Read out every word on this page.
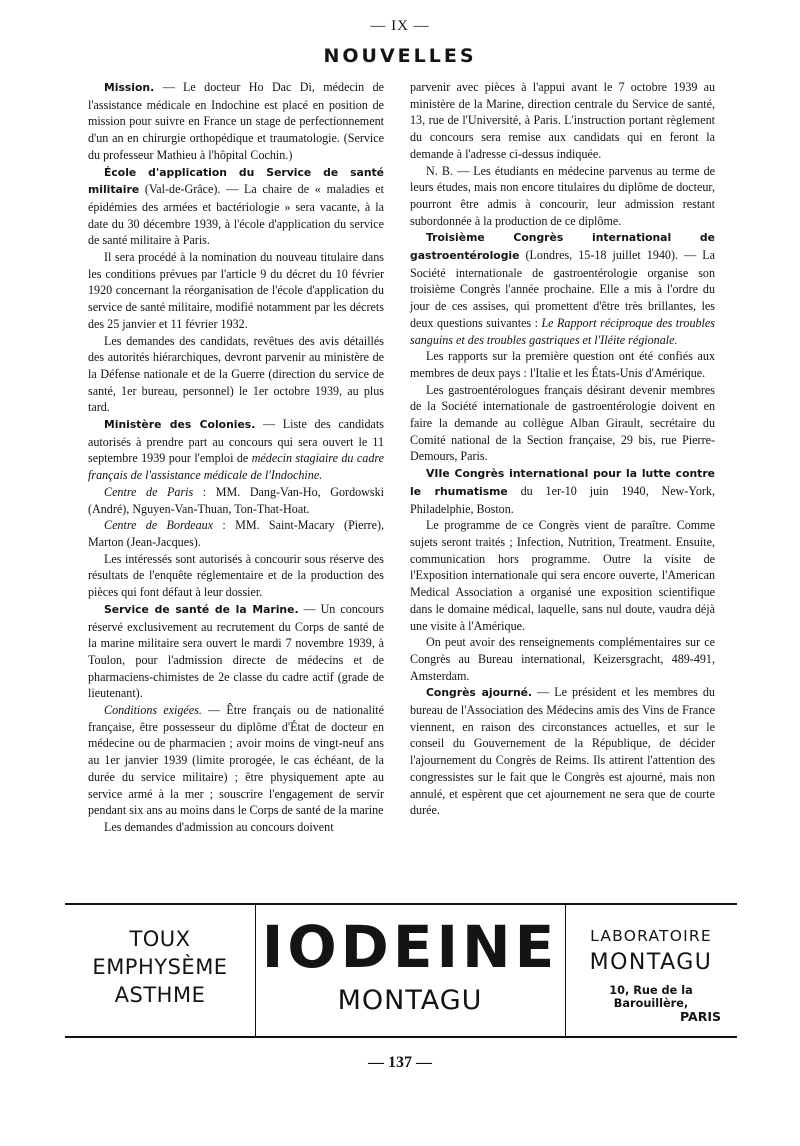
— IX —
NOUVELLES

Mission. — Le docteur Ho Dac Di, médecin de l'assistance médicale en Indochine est placé en position de mission pour suivre en France un stage de perfectionnement d'un an en chirurgie orthopédique et traumatologie. (Service du professeur Mathieu à l'hôpital Cochin.)

École d'application du Service de santé militaire (Val-de-Grâce). — La chaire de « maladies et épidémies des armées et bactériologie » sera vacante, à la date du 30 décembre 1939, à l'école d'application du service de santé militaire à Paris.

Il sera procédé à la nomination du nouveau titulaire dans les conditions prévues par l'article 9 du décret du 10 février 1920 concernant la réorganisation de l'école d'application du service de santé militaire, modifié notamment par les décrets des 25 janvier et 11 février 1932.

Les demandes des candidats, revêtues des avis détaillés des autorités hiérarchiques, devront parvenir au ministère de la Défense nationale et de la Guerre (direction du service de santé, 1er bureau, personnel) le 1er octobre 1939, au plus tard.

Ministère des Colonies. — Liste des candidats autorisés à prendre part au concours qui sera ouvert le 11 septembre 1939 pour l'emploi de médecin stagiaire du cadre français de l'assistance médicale de l'Indochine.

Centre de Paris : MM. Dang-Van-Ho, Gordowski (André), Nguyen-Van-Thuan, Ton-That-Hoat.

Centre de Bordeaux : MM. Saint-Macary (Pierre), Marton (Jean-Jacques).

Les intéressés sont autorisés à concourir sous réserve des résultats de l'enquête réglementaire et de la production des pièces qui font défaut à leur dossier.

Service de santé de la Marine. — Un concours réservé exclusivement au recrutement du Corps de santé de la marine militaire sera ouvert le mardi 7 novembre 1939, à Toulon, pour l'admission directe de médecins et de pharmaciens-chimistes de 2e classe du cadre actif (grade de lieutenant).

Conditions exigées. — Être français ou de nationalité française, être possesseur du diplôme d'État de docteur en médecine ou de pharmacien ; avoir moins de vingt-neuf ans au 1er janvier 1939 (limite prorogée, le cas échéant, de la durée du service militaire) ; être physiquement apte au service armé à la mer ; souscrire l'engagement de servir pendant six ans au moins dans le Corps de santé de la marine

Les demandes d'admission au concours doivent

parvenir avec pièces à l'appui avant le 7 octobre 1939 au ministère de la Marine, direction centrale du Service de santé, 13, rue de l'Université, à Paris. L'instruction portant règlement du concours sera remise aux candidats qui en feront la demande à l'adresse ci-dessus indiquée.

N. B. — Les étudiants en médecine parvenus au terme de leurs études, mais non encore titulaires du diplôme de docteur, pourront être admis à concourir, leur admission restant subordonnée à la production de ce diplôme.

Troisième Congrès international de gastroentérologie (Londres, 15-18 juillet 1940). — La Société internationale de gastroentérologie organise son troisième Congrès l'année prochaine. Elle a mis à l'ordre du jour de ces assises, qui promettent d'être très brillantes, les deux questions suivantes : Le Rapport réciproque des troubles sanguins et des troubles gastriques et l'Iléite régionale.

Les rapports sur la première question ont été confiés aux membres de deux pays : l'Italie et les États-Unis d'Amérique.

Les gastroentérologues français désirant devenir membres de la Société internationale de gastroentérologie doivent en faire la demande au collègue Alban Girault, secrétaire du Comité national de la Section française, 29 bis, rue Pierre-Demours, Paris.

VIIe Congrès international pour la lutte contre le rhumatisme du 1er-10 juin 1940, New-York, Philadelphie, Boston.

Le programme de ce Congrès vient de paraître. Comme sujets seront traités ; Infection, Nutrition, Treatment. Ensuite, communication hors programme. Outre la visite de l'Exposition internationale qui sera encore ouverte, l'American Medical Association a organisé une exposition scientifique dans le domaine médical, laquelle, sans nul doute, vaudra déjà une visite à l'Amérique.

On peut avoir des renseignements complémentaires sur ce Congrès au Bureau international, Keizersgracht, 489-491, Amsterdam.

Congrès ajourné. — Le président et les membres du bureau de l'Association des Médecins amis des Vins de France viennent, en raison des circonstances actuelles, et sur le conseil du Gouvernement de la République, de décider l'ajournement du Congrès de Reims. Ils attirent l'attention des congressistes sur le fait que le Congrès est ajourné, mais non annulé, et espèrent que cet ajournement ne sera que de courte durée.

TOUX
EMPHYSÈME
ASTHME
IODEINE
MONTAGU
LABORATOIRE
MONTAGU
10, Rue de la Barouillère,
PARIS
— 137 —
